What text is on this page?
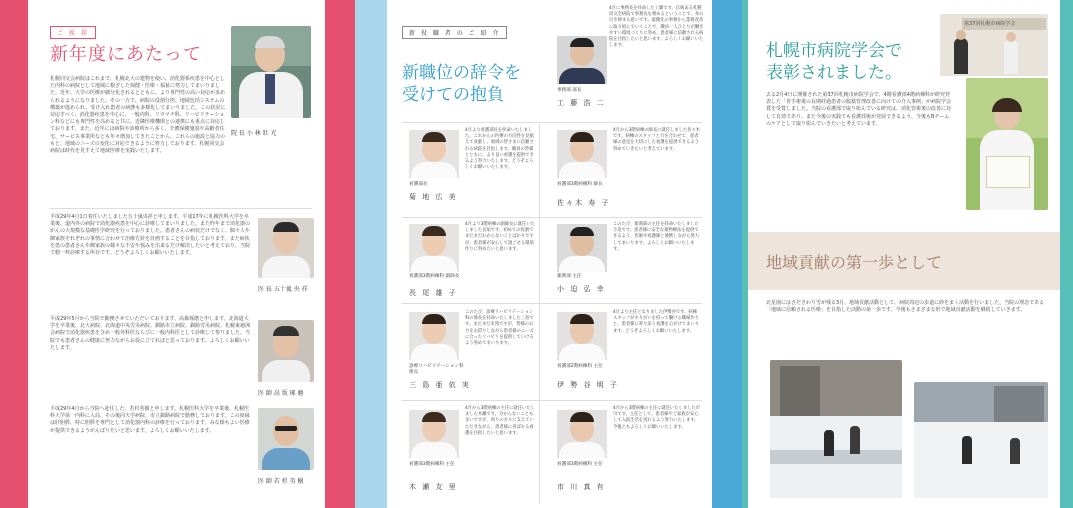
ご 挨 拶
新年度にあたって
院 長 小 林 壯 光

札幌同交会病院はこれまで、札幌北大の建物を使い、消化器系疾患を中心とした内科の病院として地域に根ざした保健・医療・福祉に努力してまいりました。近年、大学の医療が細分化されるとともに、より専門性の高い対応が求められるようになりました。その一方で、病院の役割分担、地域包括システムの構築が進められ、受け入れ患者の病態も多様化してまいりました。この状況に対応すべく、消化器疾患を中心に、一般内科、リウマチ科、リハビリテーション科などにも専門性を高めると共に、近隣医療機関との連携にも重点に対応しております。また、近年には病院や診療所から多く、介護保険施設や高齢者住宅、サービス事業所なども年々増加してきたことから、これらの施設と協力のもと、地域のニーズの変化に対応できるように努力しております。札幌同交会病院は時代を見すえて地域医療を実践いたします。

平成29年4月1日着任いたしました五十嵐央祥と申します。平成17年に札幌医科大学を卒業後、道内外の病院で消化器疾患を中心に診療してまいりました。また昨年まで消化器のがんの大規模な基礎医学研究を行っておりました。患者さんの病状だけでなく、個々人や御家族それぞれの事情に合わせて治療方針を計画することを目指しております。また病状を患の患者さんや御家族の様々な不安や悩みを出来るだけ解決したいと考えており、当院で精一杯診療する所存です。どうぞよろしくお願いいたします。

医 長 五十嵐 央 祥

平成29年5月から当院で勤務させていただいております、高森琢磨と申します。北海道大学を卒業後、北大病院、北海道中央労災病院、釧路市立病院、釧路労災病院、札幌東徳洲会病院で消化器疾患を含め一般外科医ならびに一般内科医として診療して参りました。当院でも患者さんの健康に努力ながらお役に立てればと思っております。よろしくお願いいたします。

医 師 高 坂 琢 磨

平成29年4月から当院へ赴任した、若杉英樹と申します。札幌医科大学を卒業後、札幌医科大学第一内科に入局、その後同大学病院、市立釧路病院で勤務しております。この度縁は肝胆膵、特に胆膵を専門として消化器内科の診療を行っております。みな様もよい医療が提供できるようがんばりたいと思います。よろしくお願いいたします。

医 師 若 杉 英 樹
新 役 職 者 の ご 紹 介
新職位の辞令を
受けての抱負	事務部 部長
工 藤 浩 二

4月に事務長を拝命した工藤です。伝統ある札幌同交会病院で事務長を務めるということで、身の引き締まる思いです。最優先の事務から業務改善に取り組んでいくことで、職員一人ひとりが働きやすい環境づくりに努め、患者様に信頼される病院を目指したいと思います。よろしくお願いいたします。

看護部長
菊 地 広 美

4月より看護部長を拝命いたしました。これからの医療の方向性を見据えて貢献し、地域の皆さまに信頼される病院を目指します。職員の皆様とともに、より良い看護を提供できるよう努力いたします。どうぞよろしくお願いいたします。

看護部3階病棟科 師長
佐々木 寿 子

4月から3階病棟の師長に就任しました佐々木です。病棟のスタッフと力を合わせて、患者様の意見を大切にした看護を提供できるよう努めていきたいと考えています。

看護部3階病棟科 副師長
長 尾 雄 子

4月より3階病棟の副師長に就任いたしました長尾です。初めての役割でまだまだわからないことばかりですが、患者様が安心して過ごせる環境作りに努めたいと思います。

薬剤部 主任
小 迫 弘 幸

このたび、薬剤部の主任を拝命いたしました小迫です。患者様に安全な薬物療法を提供できるよう、医師や看護師と連携しながら努力してまいります。よろしくお願いいたします。

診療リハビリテーション科 係長
三 島 亜 依 実

このたび、診療リハビリテーション科の係長を拝命いたしました三島です。まだまだ未熟ですが、皆様のお力をお借りしながら患者様のニーズに合ったリハビリを提供していけるよう努めてまいります。

看護部2階病棟科 主任
伊 勢 谷 明 子

4月より主任となりました伊勢谷です。病棟スタッフがやりがいを持って働ける職場作りと、患者様に寄り添う看護を心がけてまいります。どうぞよろしくお願いいたします。

看護部3階病棟科 主任
木 瀬 友 里

4月から3階病棟の主任に就任いたしました木瀬です。分からないことも多いですが、周りの方々に支えていただきながら、患者様に喜ばれる看護を目指したいと思います。

看護部3階病棟科 主任
市 川 真 有

4月から3階病棟の主任に就任いたしました市川です。主任として、患者様やご家族が安心して入院生活を送れるよう努力いたします。今後ともよろしくお願いいたします。

札幌市病院学会で
表彰されました。
第37回札幌市病院学会

去る2月4日に開催された第37回札幌市病院学会で、4階看護部4階病棟科が研究発表した「胃手術後の長期経過患者の服薬管理改善に向けての介入事例」が病院学会賞を受賞しました。当院の看護部で取り組んでいる研究は、消化管術後の改善に対して有効であり、また今後の実践でも看護技術が発展できるよう、今後もBチームのケアとして取り組んでいきたいと考えています。

地域貢献の第一歩として

北星園にはさださわり雪が残る3月、地域貢献活動として、病院周辺の歩道に砂をまく活動を行いました。当院の理念である「地域に信頼される医療」を目指した活動の第一歩です。今後もさまざまな形で地域貢献活動を継続していきます。
